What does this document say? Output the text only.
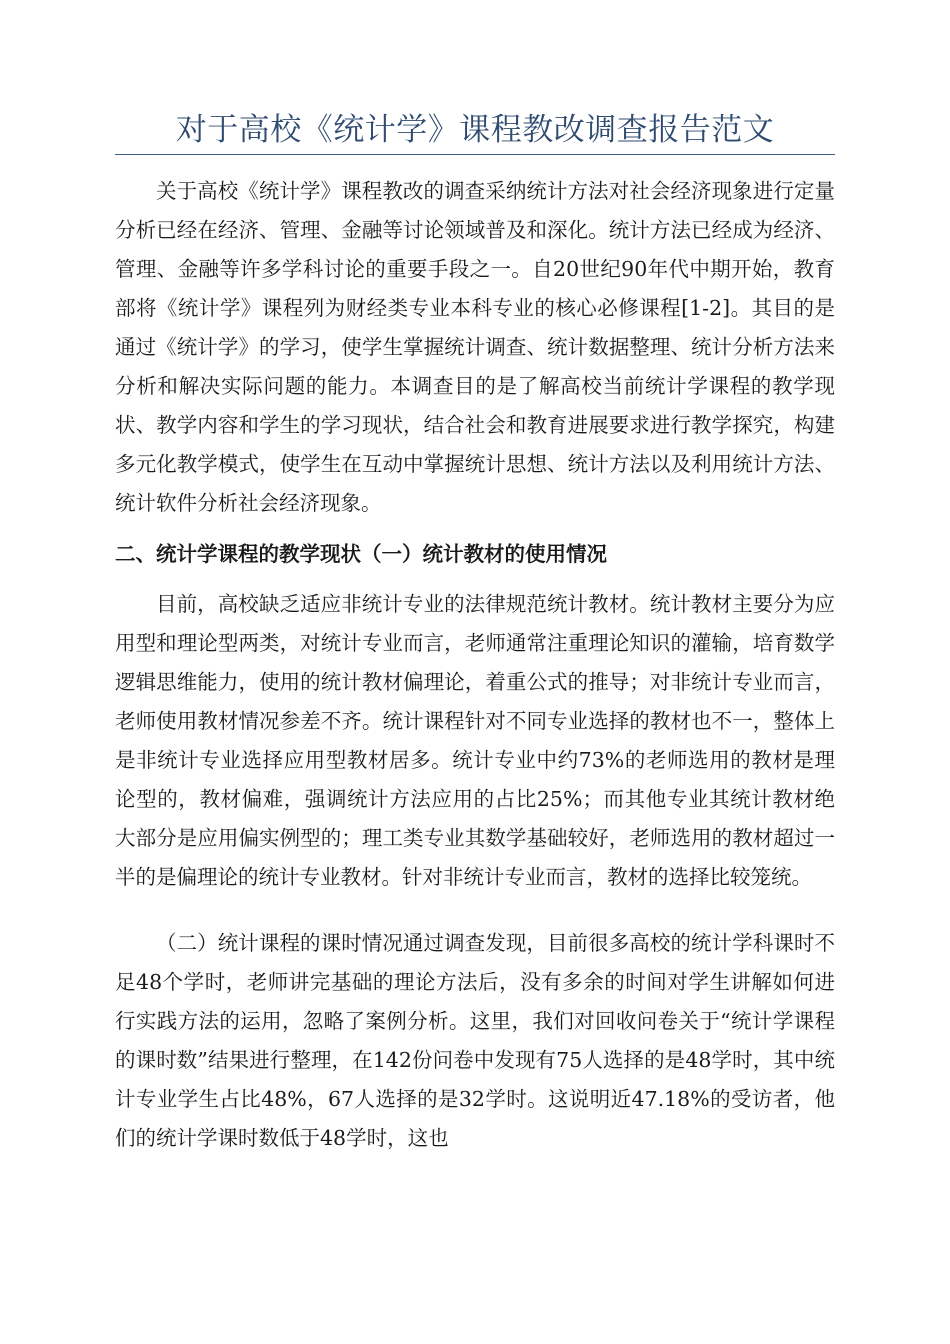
对于高校《统计学》课程教改调查报告范文

关于高校《统计学》课程教改的调查采纳统计方法对社会经济现象进行定量分析已经在经济、管理、金融等讨论领域普及和深化。统计方法已经成为经济、管理、金融等许多学科讨论的重要手段之一。自20世纪90年代中期开始，教育部将《统计学》课程列为财经类专业本科专业的核心必修课程[1-2]。其目的是通过《统计学》的学习，使学生掌握统计调查、统计数据整理、统计分析方法来分析和解决实际问题的能力。本调查目的是了解高校当前统计学课程的教学现状、教学内容和学生的学习现状，结合社会和教育进展要求进行教学探究，构建多元化教学模式，使学生在互动中掌握统计思想、统计方法以及利用统计方法、统计软件分析社会经济现象。

二、统计学课程的教学现状（一）统计教材的使用情况

目前，高校缺乏适应非统计专业的法律规范统计教材。统计教材主要分为应用型和理论型两类，对统计专业而言，老师通常注重理论知识的灌输，培育数学逻辑思维能力，使用的统计教材偏理论，着重公式的推导；对非统计专业而言，老师使用教材情况参差不齐。统计课程针对不同专业选择的教材也不一，整体上是非统计专业选择应用型教材居多。统计专业中约73%的老师选用的教材是理论型的，教材偏难，强调统计方法应用的占比25%；而其他专业其统计教材绝大部分是应用偏实例型的；理工类专业其数学基础较好，老师选用的教材超过一半的是偏理论的统计专业教材。针对非统计专业而言，教材的选择比较笼统。

（二）统计课程的课时情况通过调查发现，目前很多高校的统计学科课时不足48个学时，老师讲完基础的理论方法后，没有多余的时间对学生讲解如何进行实践方法的运用，忽略了案例分析。这里，我们对回收问卷关于“统计学课程的课时数”结果进行整理，在142份问卷中发现有75人选择的是48学时，其中统计专业学生占比48%，67人选择的是32学时。这说明近47.18%的受访者，他们的统计学课时数低于48学时，这也
